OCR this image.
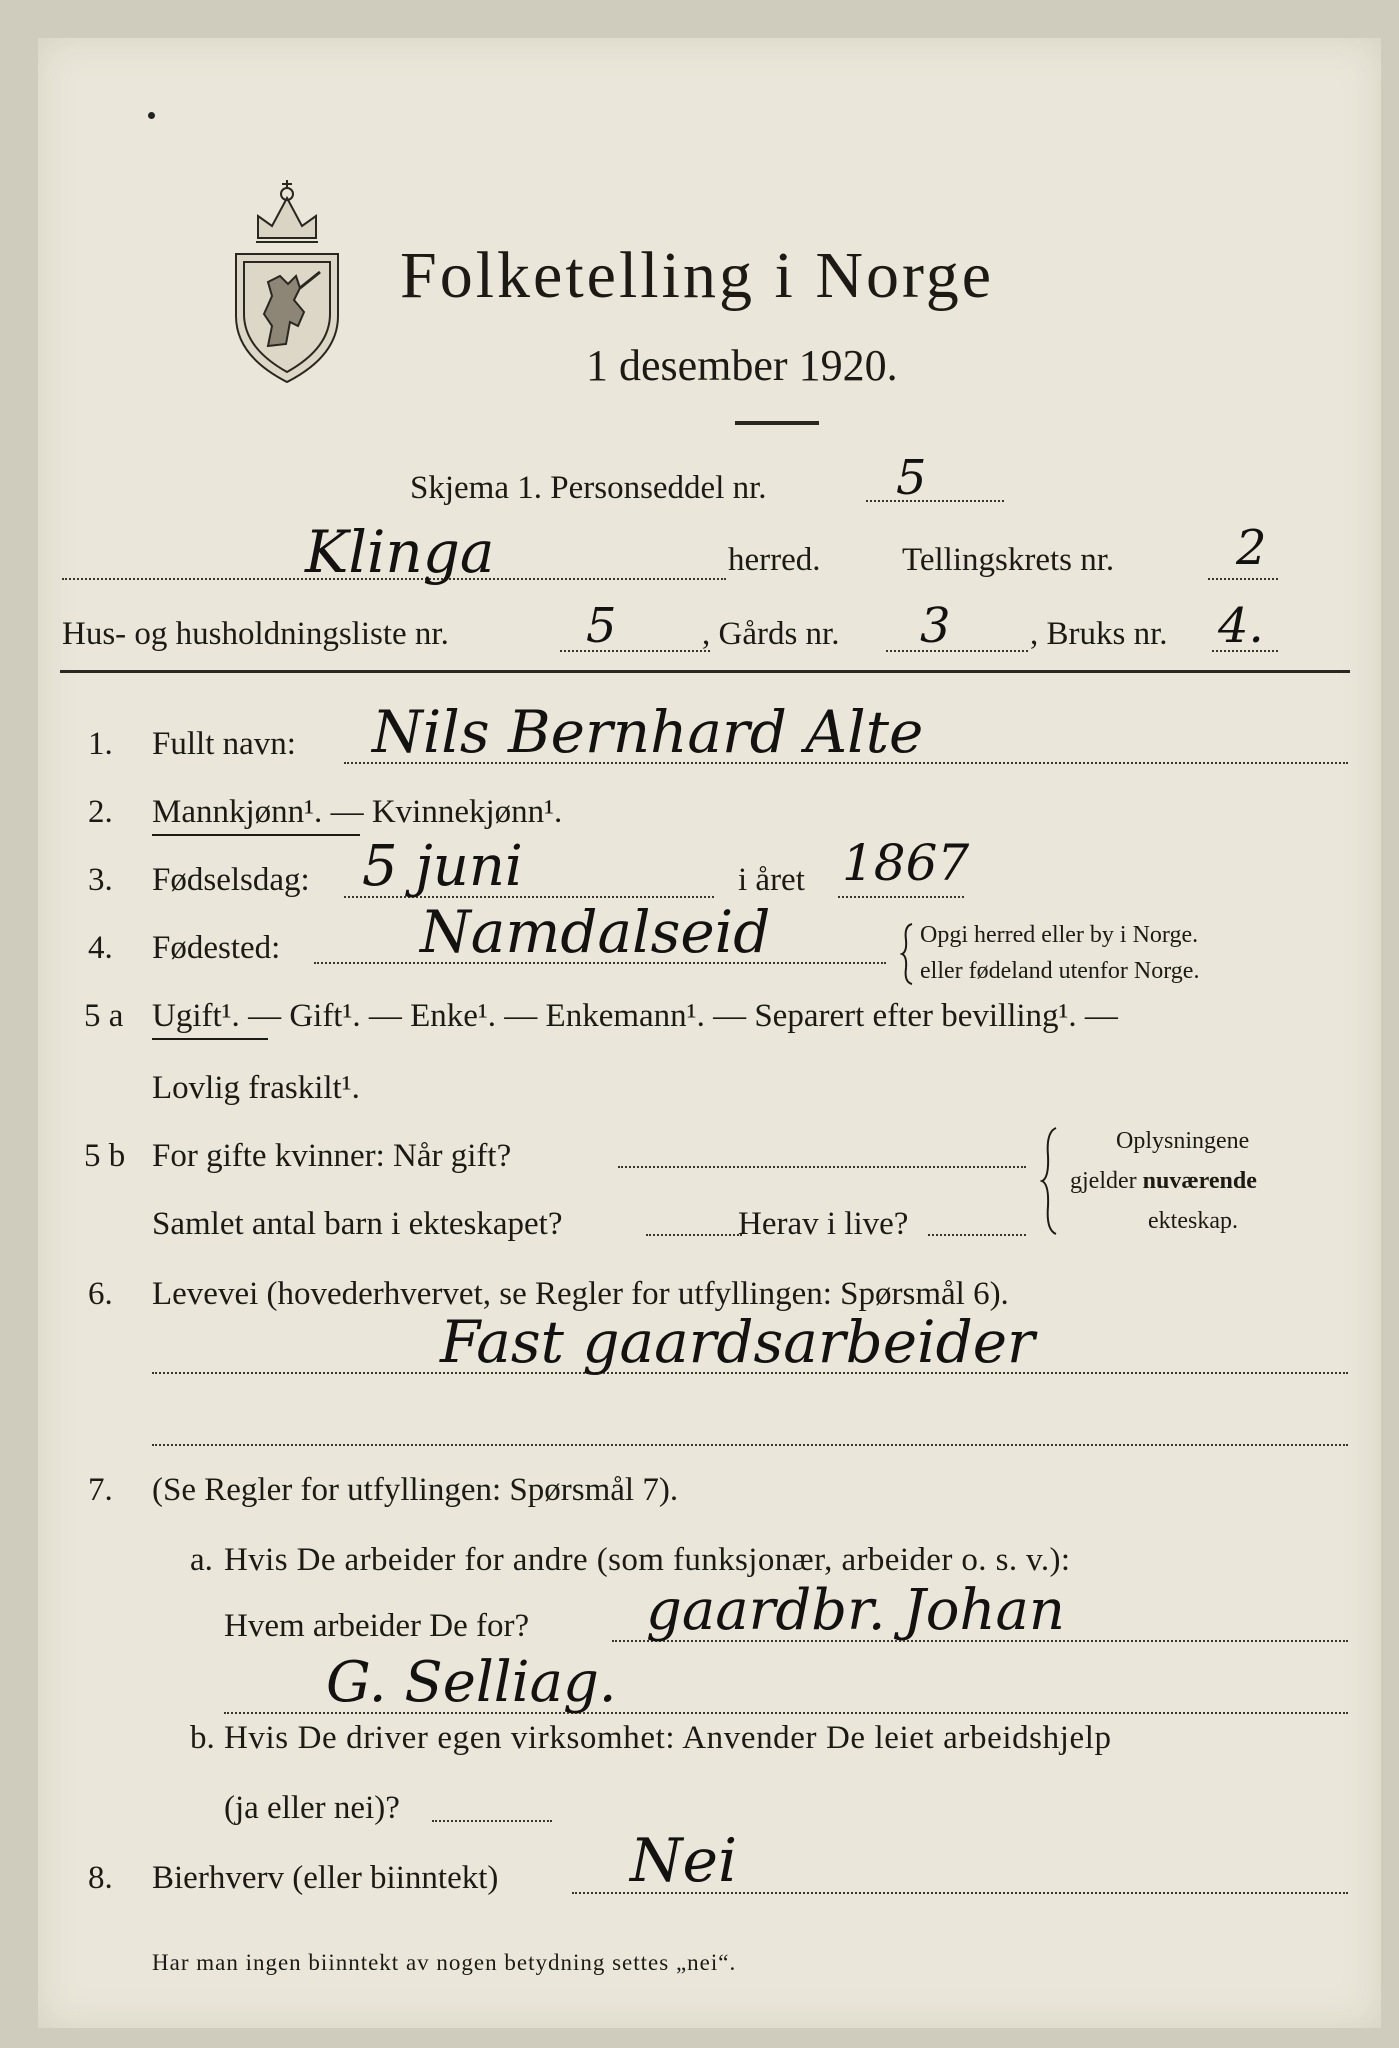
Folketelling i Norge
1 desember 1920.
Skjema 1. Personseddel nr.	5
Klinga	herred. Tellingskrets nr.	2
Hus- og husholdningsliste nr.	5	, Gårds nr. 3 , Bruks nr. 4.
1. Fullt navn: Nils Bernhard Alte
2. Mannkjønn¹. — Kvinnekjønn¹.
3. Fødselsdag: 5 juni	i året 1867
4. Fødested: Namdalseid	Opgi herred eller by i Norge.
eller fødeland utenfor Norge.
5 a Ugift¹. — Gift¹. — Enke¹. — Enkemann¹. — Separert efter bevilling¹. —
Lovlig fraskilt¹.
5 b For gifte kvinner: Når gift?
Samlet antal barn i ekteskapet?	Herav i live?
Oplysningene
gjelder nuværende
ekteskap.
6. Levevei (hovederhvervet, se Regler for utfyllingen: Spørsmål 6).
Fast gaardsarbeider
7. (Se Regler for utfyllingen: Spørsmål 7).
a. Hvis De arbeider for andre (som funksjonær, arbeider o. s. v.):
Hvem arbeider De for? gaardbr. Johan
G. Selliag.
b. Hvis De driver egen virksomhet: Anvender De leiet arbeidshjelp
(ja eller nei)?
8. Bierhverv (eller biinntekt) Nei
Har man ingen biinntekt av nogen betydning settes „nei“.
